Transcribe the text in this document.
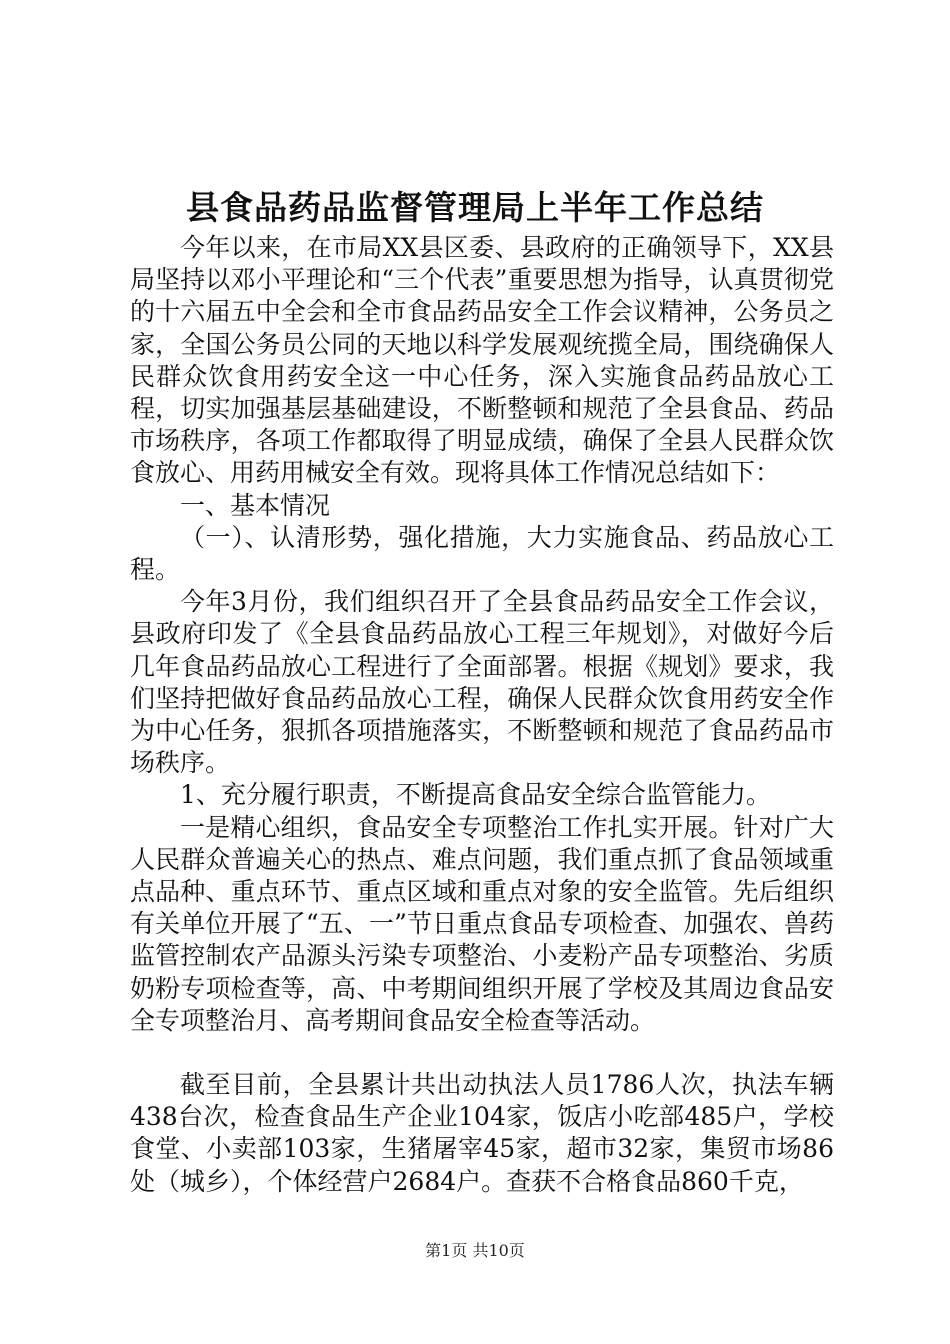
县食品药品监督管理局上半年工作总结

今年以来，在市局XX县区委、县政府的正确领导下，XX县局坚持以邓小平理论和“三个代表”重要思想为指导，认真贯彻党的十六届五中全会和全市食品药品安全工作会议精神，公务员之家，全国公务员公同的天地以科学发展观统揽全局，围绕确保人民群众饮食用药安全这一中心任务，深入实施食品药品放心工程，切实加强基层基础建设，不断整顿和规范了全县食品、药品市场秩序，各项工作都取得了明显成绩，确保了全县人民群众饮食放心、用药用械安全有效。现将具体工作情况总结如下：

一、基本情况

（一）、认清形势，强化措施，大力实施食品、药品放心工程。

今年3月份，我们组织召开了全县食品药品安全工作会议，县政府印发了《全县食品药品放心工程三年规划》，对做好今后几年食品药品放心工程进行了全面部署。根据《规划》要求，我们坚持把做好食品药品放心工程，确保人民群众饮食用药安全作为中心任务，狠抓各项措施落实，不断整顿和规范了食品药品市场秩序。

1、充分履行职责，不断提高食品安全综合监管能力。

一是精心组织，食品安全专项整治工作扎实开展。针对广大人民群众普遍关心的热点、难点问题，我们重点抓了食品领域重点品种、重点环节、重点区域和重点对象的安全监管。先后组织有关单位开展了“五、一”节日重点食品专项检查、加强农、兽药监管控制农产品源头污染专项整治、小麦粉产品专项整治、劣质奶粉专项检查等，高、中考期间组织开展了学校及其周边食品安全专项整治月、高考期间食品安全检查等活动。

截至目前，全县累计共出动执法人员1786人次，执法车辆438台次，检查食品生产企业104家，饭店小吃部485户，学校食堂、小卖部103家，生猪屠宰45家，超市32家，集贸市场86处（城乡），个体经营户2684户。查获不合格食品860千克，

第1页 共10页
